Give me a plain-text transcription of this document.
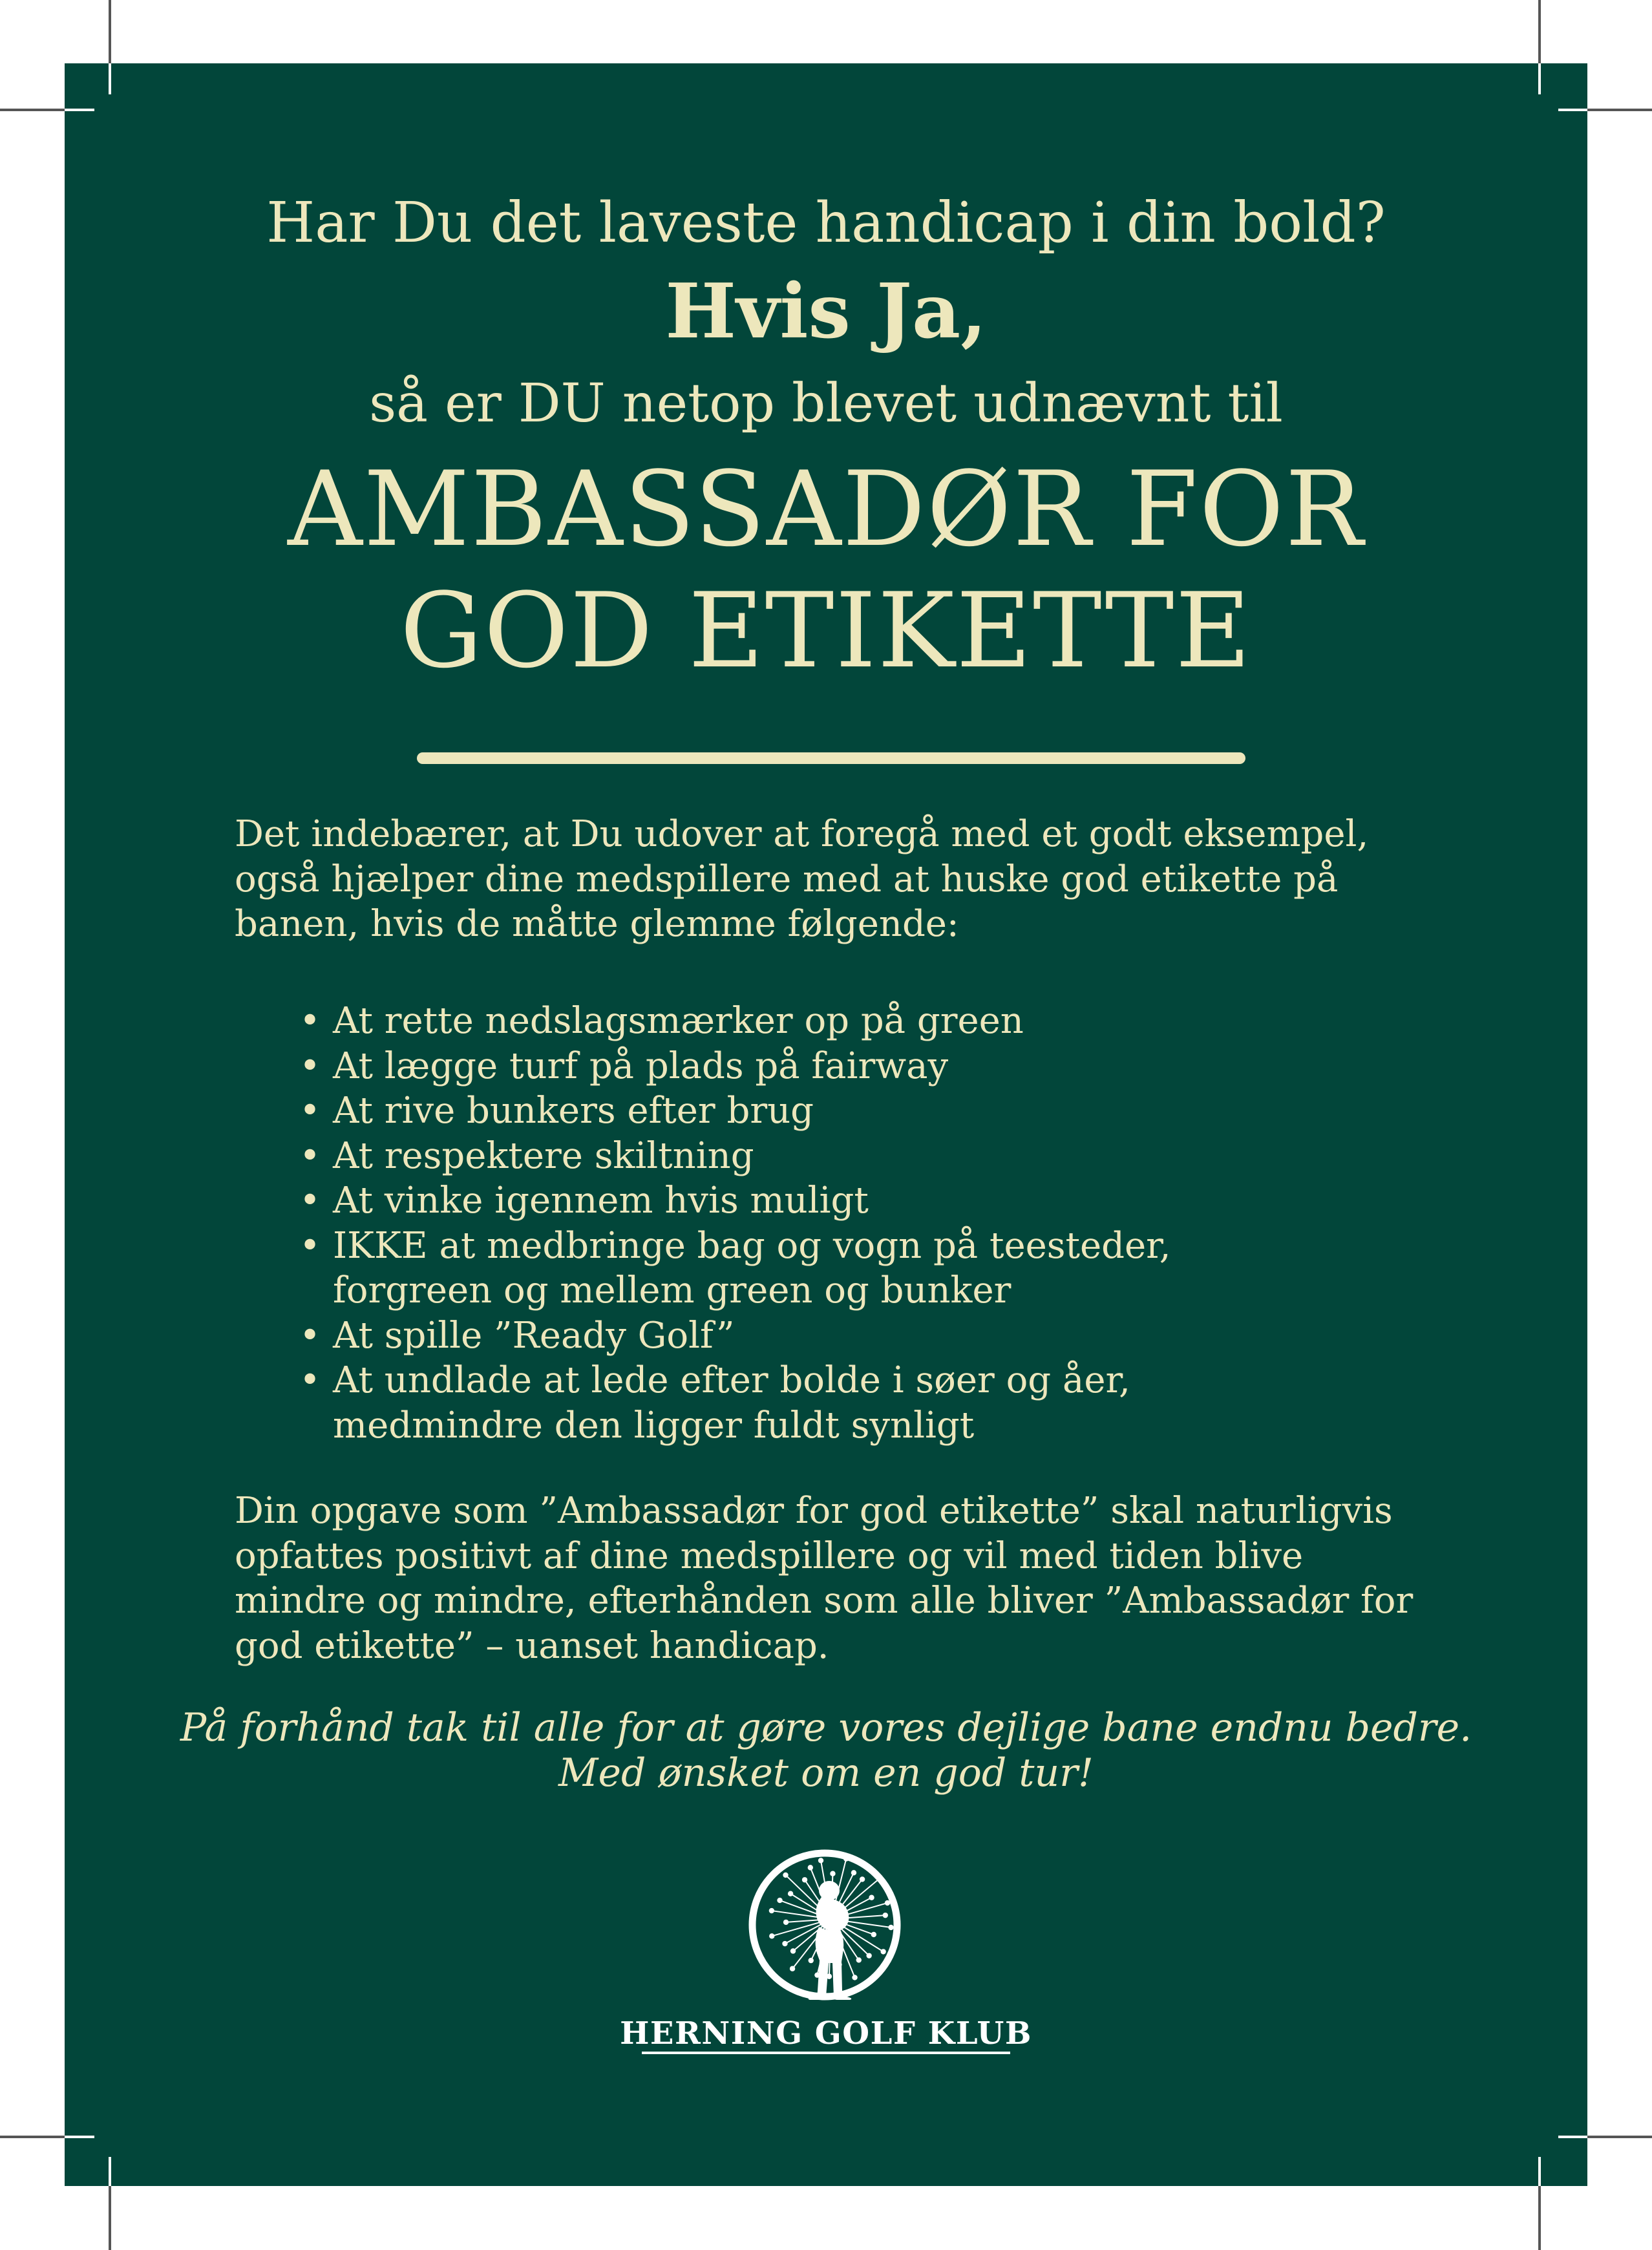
Har Du det laveste handicap i din bold?
Hvis Ja,
så er DU netop blevet udnævnt til
AMBASSADØR FOR
GOD ETIKETTE
Det indebærer, at Du udover at foregå med et godt eksempel,
også hjælper dine medspillere med at huske god etikette på
banen, hvis de måtte glemme følgende:
• At rette nedslagsmærker op på green
• At lægge turf på plads på fairway
• At rive bunkers efter brug
• At respektere skiltning
• At vinke igennem hvis muligt
• IKKE at medbringe bag og vogn på teesteder,
forgreen og mellem green og bunker
• At spille ”Ready Golf”
• At undlade at lede efter bolde i søer og åer,
medmindre den ligger fuldt synligt
Din opgave som ”Ambassadør for god etikette” skal naturligvis
opfattes positivt af dine medspillere og vil med tiden blive
mindre og mindre, efterhånden som alle bliver ”Ambassadør for
god etikette” – uanset handicap.
På forhånd tak til alle for at gøre vores dejlige bane endnu bedre.
Med ønsket om en god tur!
HERNING GOLF KLUB
